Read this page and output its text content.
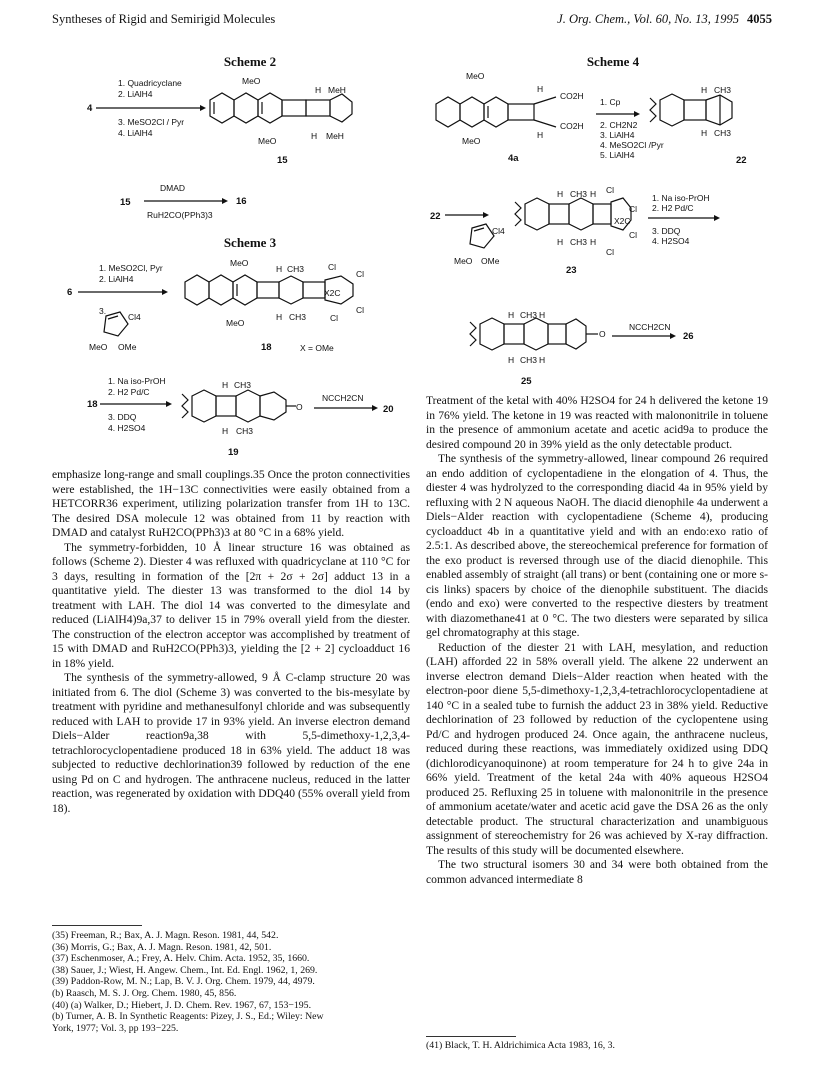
Syntheses of Rigid and Semirigid Molecules	J. Org. Chem., Vol. 60, No. 13, 1995 4055
Scheme 2
1. Quadricyclane
2. LiAlH4
4
3. MeSO2Cl / Pyr
4. LiAlH4
MeO
MeO
H MeH
H MeH
15
DMAD
15	16
RuH2CO(PPh3)3
Scheme 3
1. MeSO2Cl, Pyr
2. LiAlH4
6
3.
Cl4
MeO OMe
MeO
MeO
H CH3
H CH3
Cl
Cl
Cl
Cl
X2C
18	X = OMe
1. Na iso-PrOH
2. H2 Pd/C
18
3. DDQ
4. H2SO4
H CH3
H CH3
O
NCCH2CN
20
19
Scheme 4
MeO
MeO
H
H
CO2H
CO2H
4a
1. Cp
2. CH2N2
3. LiAlH4
4. MeSO2Cl /Pyr
5. LiAlH4
H CH3
H CH3
22
22
Cl4
MeO OMe
H CH3 H
H CH3 H
Cl
Cl
Cl
Cl
X2C
23
1. Na iso-PrOH
2. H2 Pd/C
3. DDQ
4. H2SO4
H CH3 H
H CH3 H
O
NCCH2CN
26
25

emphasize long-range and small couplings.35 Once the proton connectivities were established, the 1H−13C connectivities were easily obtained from a HETCORR36 experiment, utilizing polarization transfer from 1H to 13C. The desired DSA molecule 12 was obtained from 11 by reaction with DMAD and catalyst RuH2CO(PPh3)3 at 80 °C in a 68% yield.

The symmetry-forbidden, 10 Å linear structure 16 was obtained as follows (Scheme 2). Diester 4 was refluxed with quadricyclane at 110 °C for 3 days, resulting in formation of the [2π + 2σ + 2σ] adduct 13 in a quantitative yield. The diester 13 was transformed to the diol 14 by treatment with LAH. The diol 14 was converted to the dimesylate and reduced (LiAlH4)9a,37 to deliver 15 in 79% overall yield from the diester. The construction of the electron acceptor was accomplished by treatment of 15 with DMAD and RuH2CO(PPh3)3, yielding the [2 + 2] cycloadduct 16 in 18% yield.

The synthesis of the symmetry-allowed, 9 Å C-clamp structure 20 was initiated from 6. The diol (Scheme 3) was converted to the bis-mesylate by treatment with pyridine and methanesulfonyl chloride and was subsequently reduced with LAH to provide 17 in 93% yield. An inverse electron demand Diels−Alder reaction9a,38 with 5,5-dimethoxy-1,2,3,4-tetrachlorocyclopentadiene produced 18 in 63% yield. The adduct 18 was subjected to reductive dechlorination39 followed by reduction of the ene using Pd on C and hydrogen. The anthracene nucleus, reduced in the latter reaction, was regenerated by oxidation with DDQ40 (55% overall yield from 18).

Treatment of the ketal with 40% H2SO4 for 24 h delivered the ketone 19 in 76% yield. The ketone in 19 was reacted with malononitrile in toluene in the presence of ammonium acetate and acetic acid9a to produce the desired compound 20 in 39% yield as the only detectable product.

The synthesis of the symmetry-allowed, linear compound 26 required an endo addition of cyclopentadiene in the elongation of 4. Thus, the diester 4 was hydrolyzed to the corresponding diacid 4a in 95% yield by refluxing with 2 N aqueous NaOH. The diacid dienophile 4a underwent a Diels−Alder reaction with cyclopentadiene (Scheme 4), producing cycloadduct 4b in a quantitative yield and with an endo:exo ratio of 2.5:1. As described above, the stereochemical preference for formation of the exo product is reversed through use of the diacid dienophile. This enabled assembly of straight (all trans) or bent (containing one or more s-cis links) spacers by choice of the dienophile substituent. The diacids (endo and exo) were converted to the respective diesters by treatment with diazomethane41 at 0 °C. The two diesters were separated by silica gel chromatography at this stage.

Reduction of the diester 21 with LAH, mesylation, and reduction (LAH) afforded 22 in 58% overall yield. The alkene 22 underwent an inverse electron demand Diels−Alder reaction when heated with the electron-poor diene 5,5-dimethoxy-1,2,3,4-tetrachlorocyclopentadiene at 140 °C in a sealed tube to furnish the adduct 23 in 38% yield. Reductive dechlorination of 23 followed by reduction of the cyclopentene using Pd/C and hydrogen produced 24. Once again, the anthracene nucleus, reduced during these reactions, was immediately oxidized using DDQ (dichlorodicyanoquinone) at room temperature for 24 h to give 24a in 66% yield. Treatment of the ketal 24a with 40% aqueous H2SO4 produced 25. Refluxing 25 in toluene with malononitrile in the presence of ammonium acetate/water and acetic acid gave the DSA 26 as the only detectable product. The structural characterization and unambiguous assignment of stereochemistry for 26 was achieved by X-ray diffraction. The results of this study will be documented elsewhere.

The two structural isomers 30 and 34 were both obtained from the common advanced intermediate 8

(35) Freeman, R.; Bax, A. J. Magn. Reson. 1981, 44, 542.
(36) Morris, G.; Bax, A. J. Magn. Reson. 1981, 42, 501.
(37) Eschenmoser, A.; Frey, A. Helv. Chim. Acta. 1952, 35, 1660.
(38) Sauer, J.; Wiest, H. Angew. Chem., Int. Ed. Engl. 1962, 1, 269.
(39) Paddon-Row, M. N.; Lap, B. V. J. Org. Chem. 1979, 44, 4979.
(b) Raasch, M. S. J. Org. Chem. 1980, 45, 856.
(40) (a) Walker, D.; Hiebert, J. D. Chem. Rev. 1967, 67, 153−195.
(b) Turner, A. B. In Synthetic Reagents: Pizey, J. S., Ed.; Wiley: New
York, 1977; Vol. 3, pp 193−225.
(41) Black, T. H. Aldrichimica Acta 1983, 16, 3.
